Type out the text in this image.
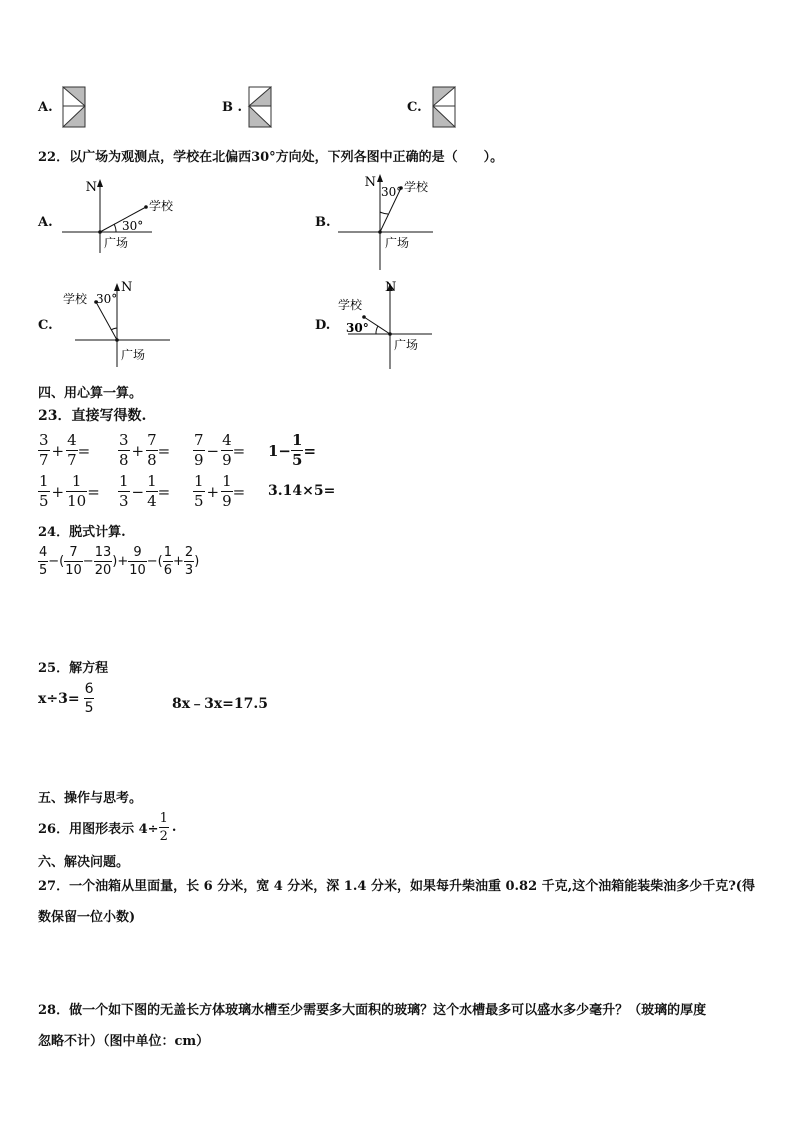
A.	B .	C.
22．以广场为观测点，学校在北偏西30°方向处，下列各图中正确的是（　　）。
A.
N
学校
30°
广场
B.
N
30° 学校
广场
C.
N
30°
学校
广场
D.
N
学校
30°
广场
四、用心算一算。
23．直接写得数.
$\frac{3}{7} + \frac{4}{7} = \frac{3}{8} + \frac{7}{8} = \frac{7}{9} - \frac{4}{9} = 1- \frac{1}{5}$ =
$\frac{1}{5} + \frac{1}{10} = \frac{1}{3} - \frac{1}{4} = \frac{1}{5} + \frac{1}{9} = 3.14\times 5=$
24．脱式计算.
$\frac{4}{5}$ −( $\frac{7}{10} - \frac{13}{20}$ )+ $\frac{9}{10}$ −( $\frac{1}{6} + \frac{2}{3}$ )
25．解方程
$x\div 3= \frac{6}{5}$	8x﹣3x=17.5
五、操作与思考。
26．用图形表示 $4\div \frac{1}{2}$ .
六、解决问题。
27．一个油箱从里面量，长 6 分米，宽 4 分米，深 1.4 分米，如果每升柴油重 0.82 千克,这个油箱能装柴油多少千克?(得
数保留一位小数)
28．做一个如下图的无盖长方体玻璃水槽至少需要多大面积的玻璃？这个水槽最多可以盛水多少毫升？（玻璃的厚度
忽略不计）（图中单位：cm）
